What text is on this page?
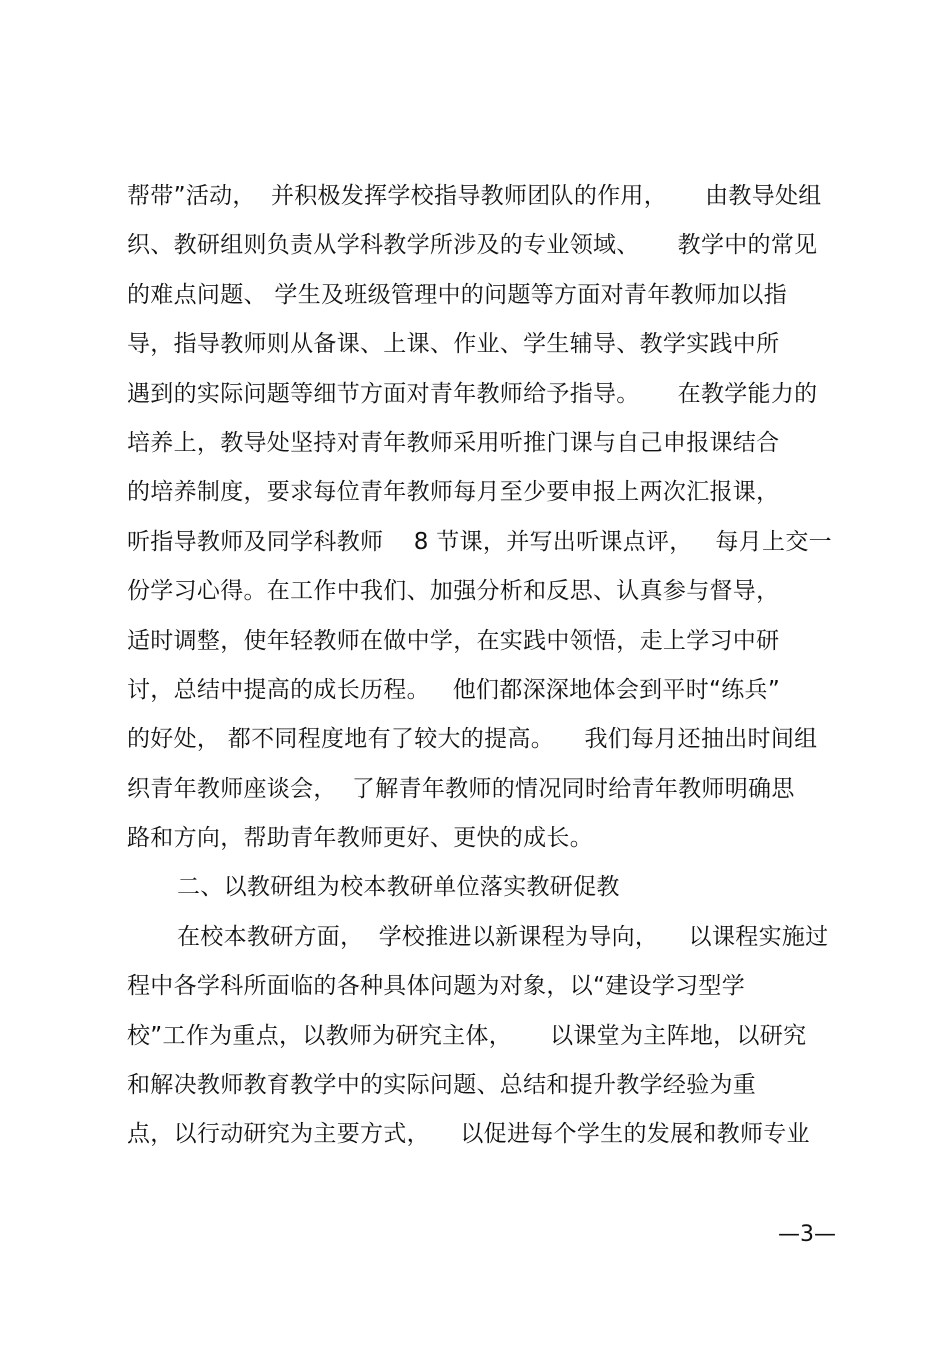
帮带”活动，  并积极发挥学校指导教师团队的作用，     由教导处组
织、教研组则负责从学科教学所涉及的专业领域、     教学中的常见
的难点问题、 学生及班级管理中的问题等方面对青年教师加以指
导，指导教师则从备课、上课、作业、学生辅导、教学实践中所
遇到的实际问题等细节方面对青年教师给予指导。     在教学能力的
培养上，教导处坚持对青年教师采用听推门课与自己申报课结合
的培养制度，要求每位青年教师每月至少要申报上两次汇报课，
听指导教师及同学科教师    8 节课，并写出听课点评，   每月上交一
份学习心得。在工作中我们、加强分析和反思、认真参与督导，
适时调整，使年轻教师在做中学，在实践中领悟，走上学习中研
讨，总结中提高的成长历程。   他们都深深地体会到平时“练兵”
的好处， 都不同程度地有了较大的提高。    我们每月还抽出时间组
织青年教师座谈会，  了解青年教师的情况同时给青年教师明确思
路和方向，帮助青年教师更好、更快的成长。
二、以教研组为校本教研单位落实教研促教
在校本教研方面，  学校推进以新课程为导向，    以课程实施过
程中各学科所面临的各种具体问题为对象，以“建设学习型学
校”工作为重点，以教师为研究主体，     以课堂为主阵地，以研究
和解决教师教育教学中的实际问题、总结和提升教学经验为重
点，以行动研究为主要方式，    以促进每个学生的发展和教师专业
—3—
